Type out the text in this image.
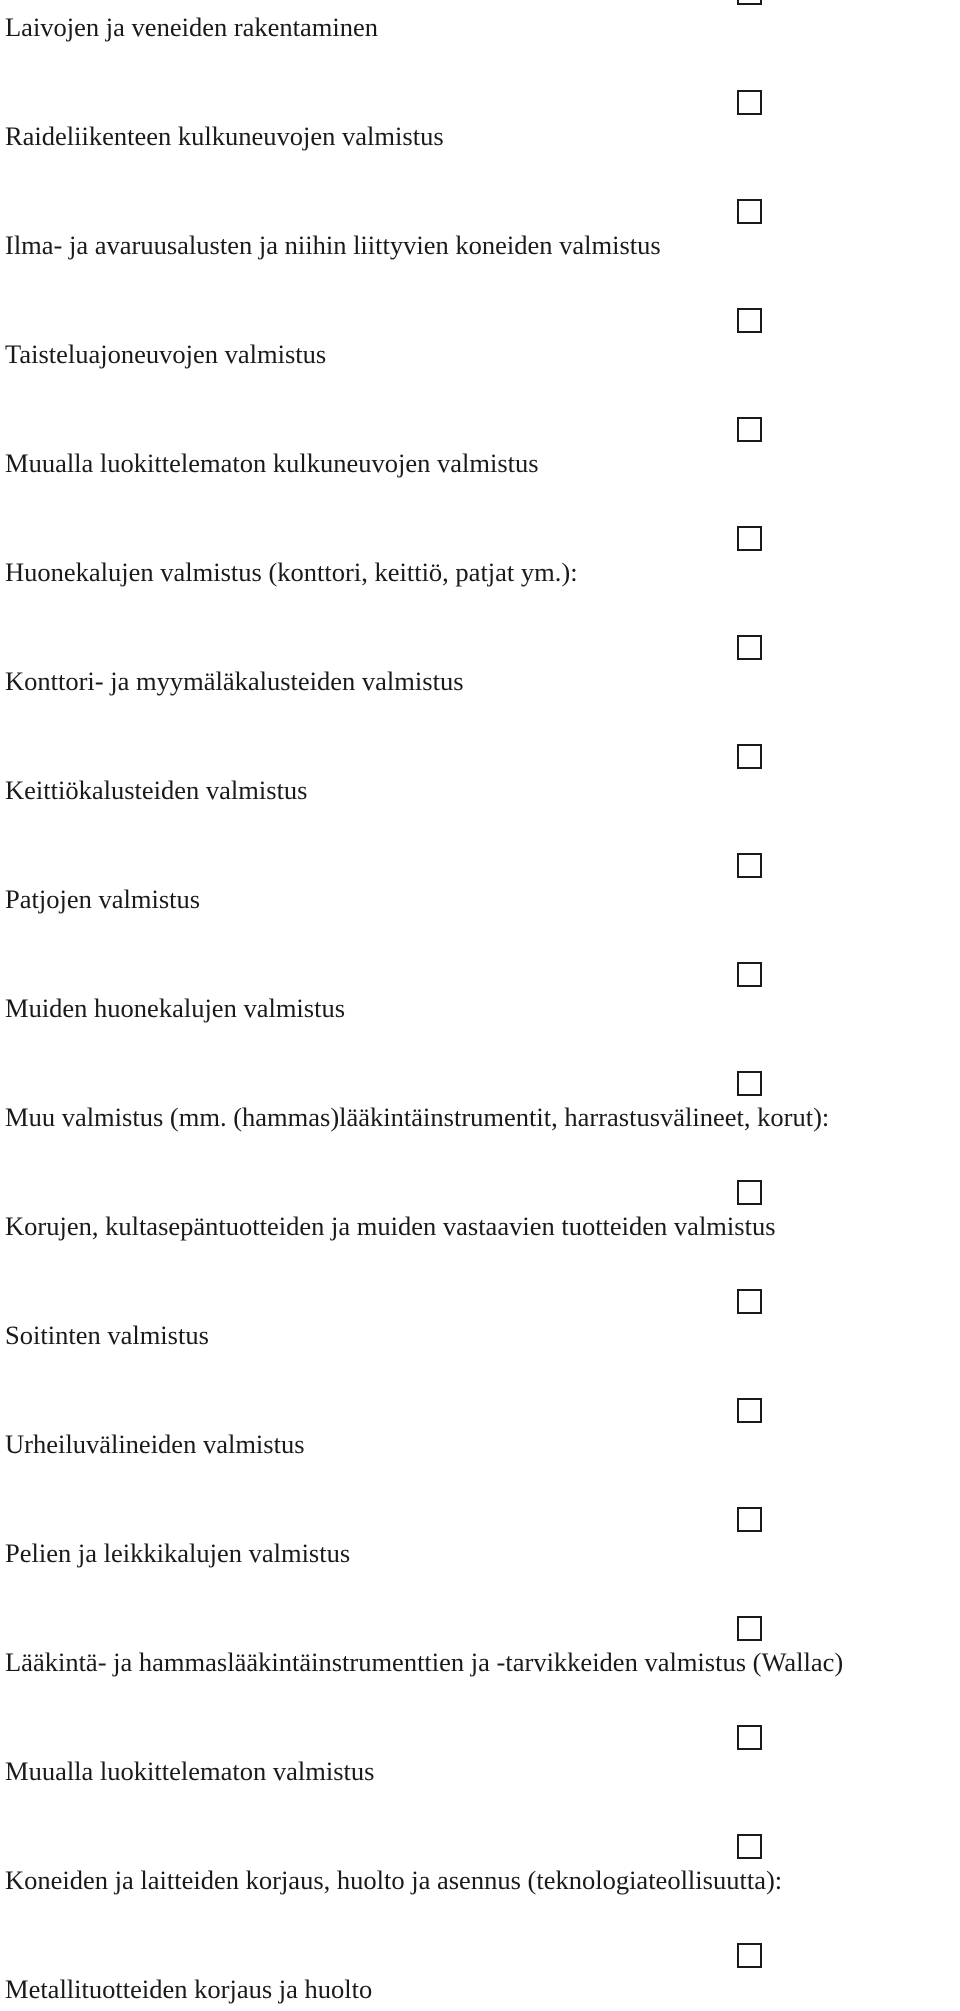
Laivojen ja veneiden rakentaminen
Raideliikenteen kulkuneuvojen valmistus
Ilma- ja avaruusalusten ja niihin liittyvien koneiden valmistus
Taisteluajoneuvojen valmistus
Muualla luokittelematon kulkuneuvojen valmistus
Huonekalujen valmistus (konttori, keittiö, patjat ym.):
Konttori- ja myymäläkalusteiden valmistus
Keittiökalusteiden valmistus
Patjojen valmistus
Muiden huonekalujen valmistus
Muu valmistus (mm. (hammas)lääkintäinstrumentit, harrastusvälineet, korut):
Korujen, kultasepäntuotteiden ja muiden vastaavien tuotteiden valmistus
Soitinten valmistus
Urheiluvälineiden valmistus
Pelien ja leikkikalujen valmistus
Lääkintä- ja hammaslääkintäinstrumenttien ja -tarvikkeiden valmistus (Wallac)
Muualla luokittelematon valmistus
Koneiden ja laitteiden korjaus, huolto ja asennus (teknologiateollisuutta):
Metallituotteiden korjaus ja huolto
